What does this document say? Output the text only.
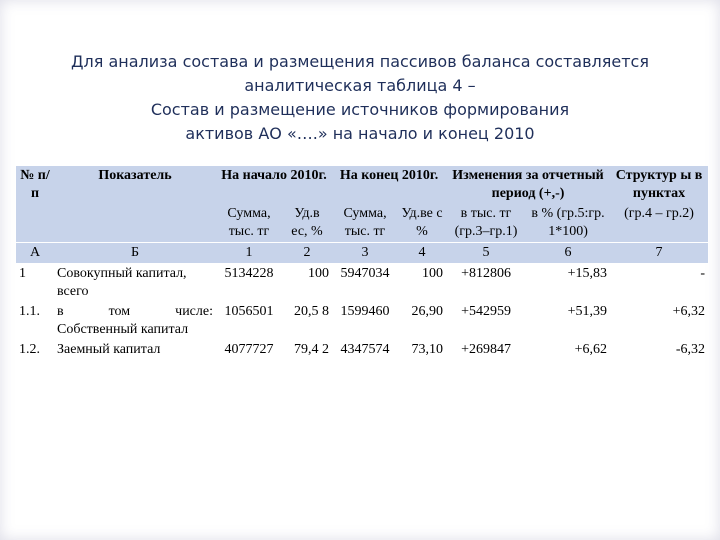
Для анализа состава и размещения пассивов баланса составляется
аналитическая таблица 4 –
Состав и размещение источников формирования
активов АО «….» на начало и конец 2010
№ п/п	Показатель	На начало 2010г.		На конец 2010г.		Изменения за отчетный период (+,-)		Структур ы в пунктах
		Сумма, тыс. тг	Уд.в ес, %	Сумма, тыс. тг	Уд.ве с %	в тыс. тг (гр.3–гр.1)	в % (гр.5:гр. 1*100)	(гр.4 – гр.2)
А	Б	1	2	3	4	5	6	7
1	Совокупный капитал, всего	5134228	100	5947034	100	+812806	+15,83	-
1.1.	в том числе: Собственный капитал	1056501	20,5 8	1599460	26,90	+542959	+51,39	+6,32
1.2.	Заемный капитал	4077727	79,4 2	4347574	73,10	+269847	+6,62	-6,32
